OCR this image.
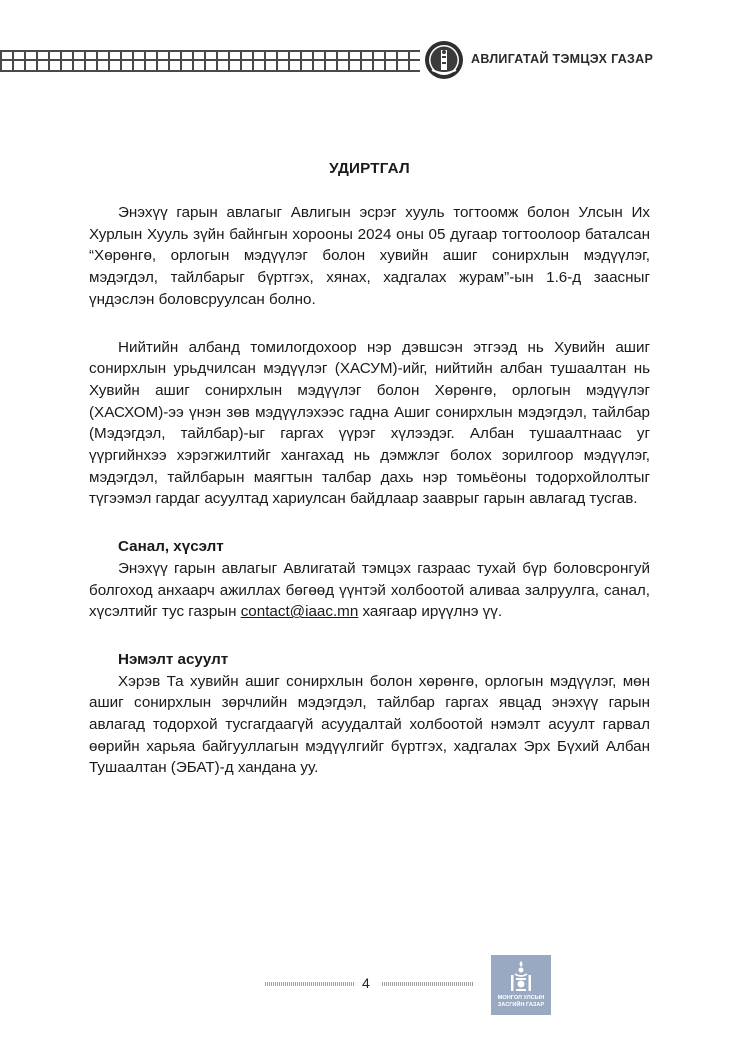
АВЛИГАТАЙ ТЭМЦЭХ ГАЗАР
УДИРТГАЛ

Энэхүү гарын авлагыг Авлигын эсрэг хууль тогтоомж болон Улсын Их Хурлын Хууль зүйн байнгын хорооны 2024 оны 05 дугаар тогтоолоор баталсан “Хөрөнгө, орлогын мэдүүлэг болон хувийн ашиг сонирхлын мэдүүлэг, мэдэгдэл, тайлбарыг бүртгэх, хянах, хадгалах журам”-ын 1.6-д заасныг үндэслэн боловсруулсан болно.

Нийтийн албанд томилогдохоор нэр дэвшсэн этгээд нь Хувийн ашиг сонирхлын урьдчилсан мэдүүлэг (ХАСУМ)-ийг, нийтийн албан тушаалтан нь Хувийн ашиг сонирхлын мэдүүлэг болон Хөрөнгө, орлогын мэдүүлэг (ХАСХОМ)-ээ үнэн зөв мэдүүлэхээс гадна Ашиг сонирхлын мэдэгдэл, тайлбар (Мэдэгдэл, тайлбар)-ыг гаргах үүрэг хүлээдэг. Албан тушаалтнаас уг үүргийнхээ хэрэгжилтийг хангахад нь дэмжлэг болох зорилгоор мэдүүлэг, мэдэгдэл, тайлбарын маягтын талбар дахь нэр томьёоны тодорхойлолтыг түгээмэл гардаг асуултад хариулсан байдлаар зааврыг гарын авлагад тусгав.

Санал, хүсэлт

Энэхүү гарын авлагыг Авлигатай тэмцэх газраас тухай бүр боловсронгуй болгоход анхаарч ажиллах бөгөөд үүнтэй холбоотой аливаа залруулга, санал, хүсэлтийг тус газрын contact@iaac.mn хаягаар ирүүлнэ үү.

Нэмэлт асуулт

Хэрэв Та хувийн ашиг сонирхлын болон хөрөнгө, орлогын мэдүүлэг, мөн ашиг сонирхлын зөрчлийн мэдэгдэл, тайлбар гаргах явцад энэхүү гарын авлагад тодорхой тусгагдаагүй асуудалтай холбоотой нэмэлт асуулт гарвал өөрийн харьяа байгууллагын мэдүүлгийг бүртгэх, хадгалах Эрх Бүхий Албан Тушаалтан (ЭБАТ)-д хандана уу.

4
МОНГОЛ УЛСЫН
ЗАСГИЙН ГАЗАР
